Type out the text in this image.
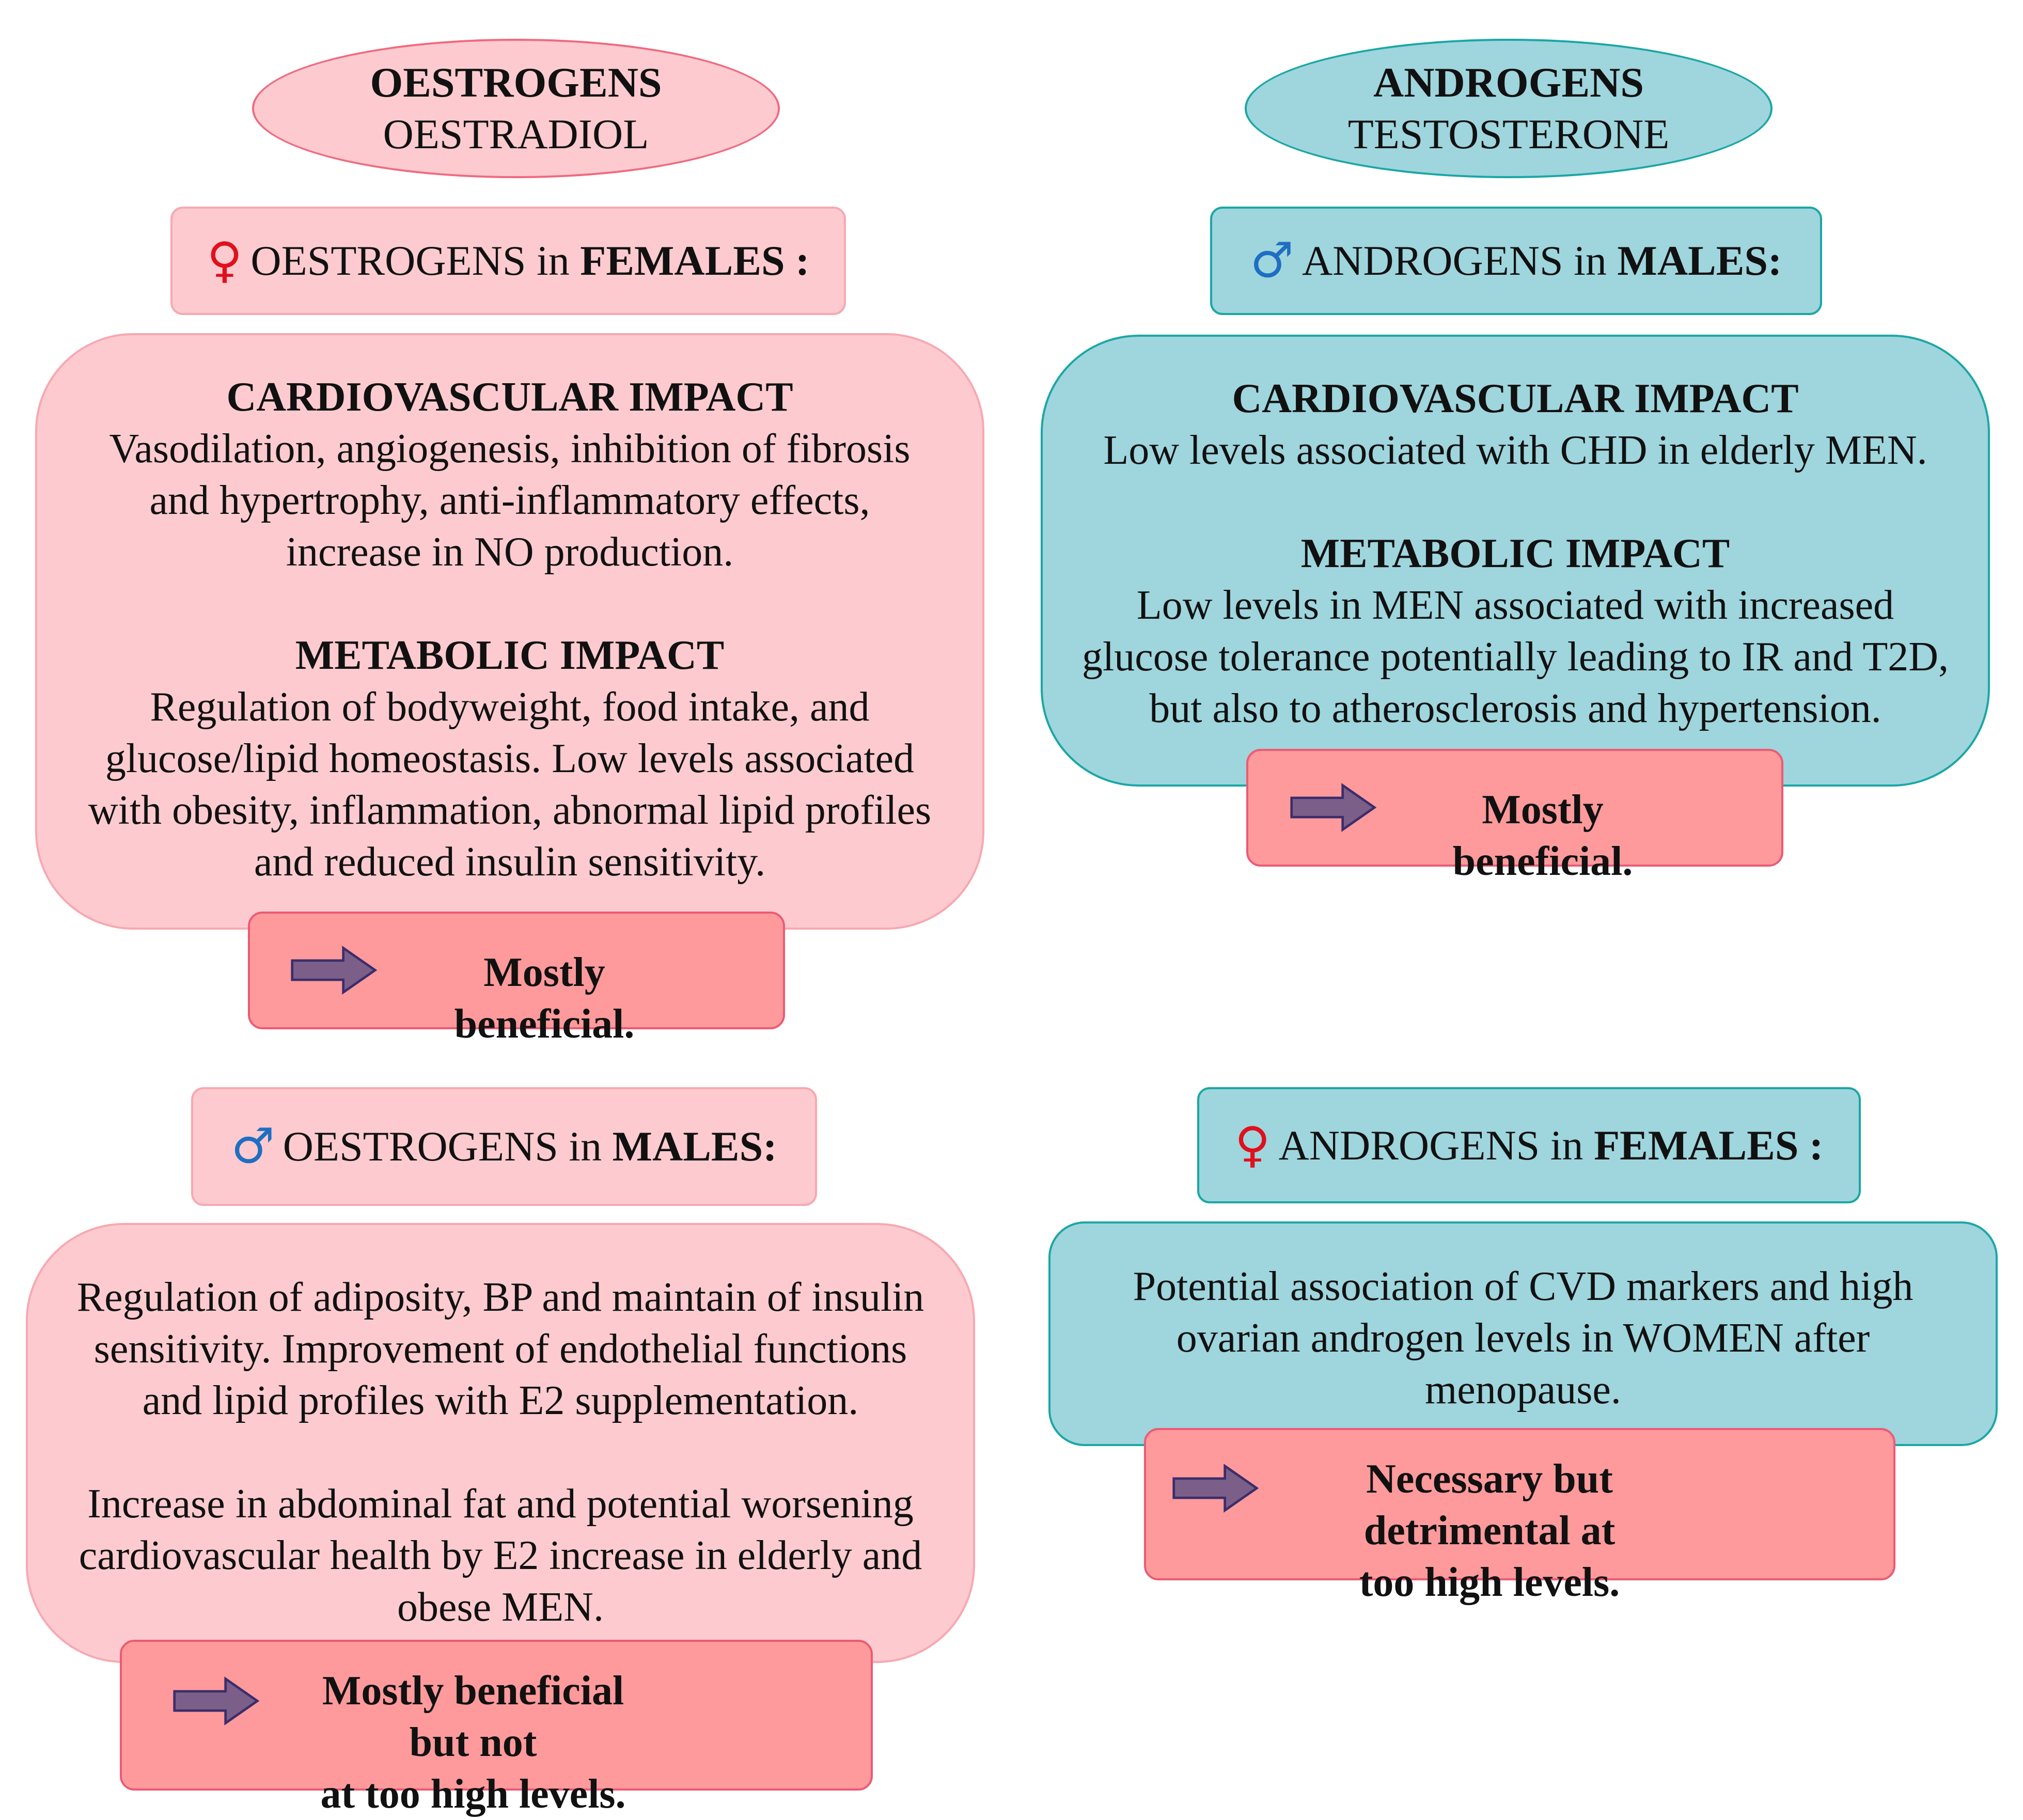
OESTROGENS
OESTRADIOL
ANDROGENS
TESTOSTERONE
♀ OESTROGENS in FEMALES :
CARDIOVASCULAR IMPACT

Vasodilation, angiogenesis, inhibition of fibrosis

and hypertrophy, anti-inflammatory effects,

increase in NO production.

METABOLIC IMPACT

Regulation of bodyweight, food intake, and

glucose/lipid homeostasis. Low levels associated

with obesity, inflammation, abnormal lipid profiles

and reduced insulin sensitivity.

Mostly beneficial.
♂ ANDROGENS in MALES:
CARDIOVASCULAR IMPACT

Low levels associated with CHD in elderly MEN.

METABOLIC IMPACT

Low levels in MEN associated with increased

glucose tolerance potentially leading to IR and T2D,

but also to atherosclerosis and hypertension.

Mostly beneficial.
♂ OESTROGENS in MALES:

Regulation of adiposity, BP and maintain of insulin

sensitivity. Improvement of endothelial functions

and lipid profiles with E2 supplementation.

Increase in abdominal fat and potential worsening

cardiovascular health by E2 increase in elderly and

obese MEN.

Mostly beneficial but not
at too high levels.
♀ ANDROGENS in FEMALES :

Potential association of CVD markers and high

ovarian androgen levels in WOMEN after

menopause.

Necessary but detrimental at
too high levels.
